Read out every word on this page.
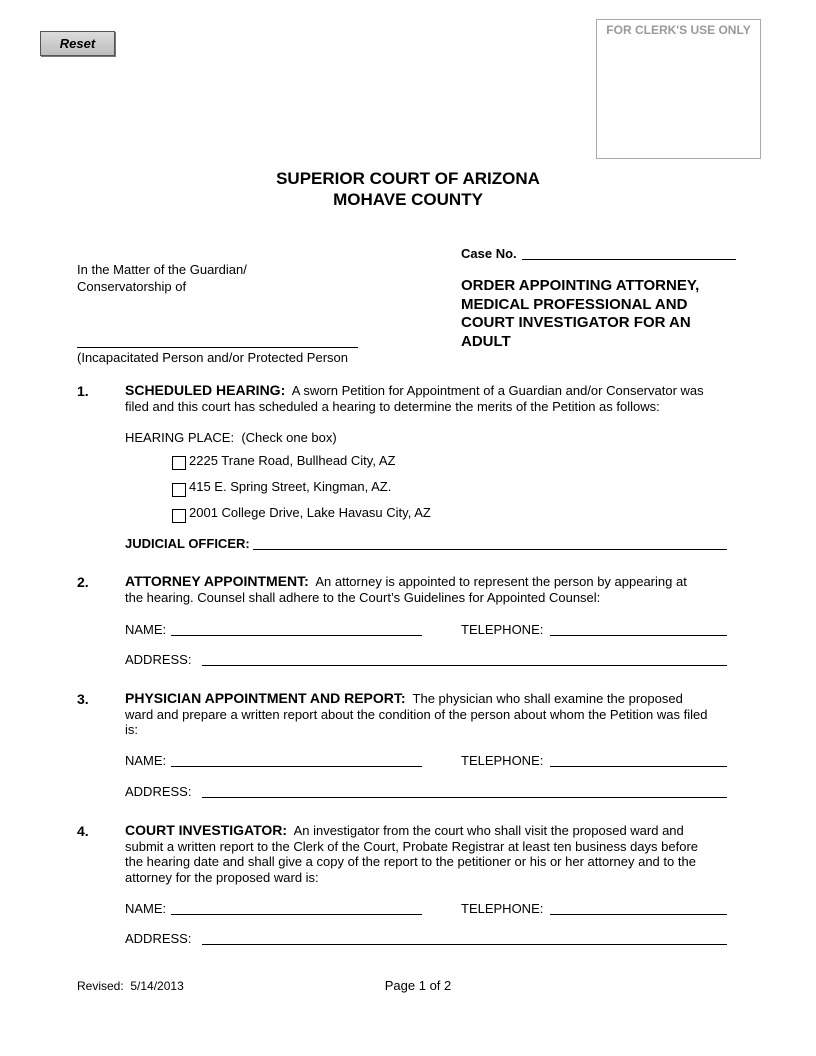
Reset
FOR CLERK'S USE ONLY
SUPERIOR COURT OF ARIZONA
MOHAVE COUNTY
Case No.
In the Matter of the Guardian/
Conservatorship of
(Incapacitated Person and/or Protected Person
ORDER APPOINTING ATTORNEY,
MEDICAL PROFESSIONAL AND
COURT INVESTIGATOR FOR AN
ADULT
1.	SCHEDULED HEARING: A sworn Petition for Appointment of a Guardian and/or Conservator was
filed and this court has scheduled a hearing to determine the merits of the Petition as follows:
HEARING PLACE: (Check one box)
2225 Trane Road, Bullhead City, AZ
415 E. Spring Street, Kingman, AZ.
2001 College Drive, Lake Havasu City, AZ
JUDICIAL OFFICER:
2.	ATTORNEY APPOINTMENT: An attorney is appointed to represent the person by appearing at
the hearing. Counsel shall adhere to the Court’s Guidelines for Appointed Counsel:
NAME:	TELEPHONE:
ADDRESS:
3.	PHYSICIAN APPOINTMENT AND REPORT: The physician who shall examine the proposed
ward and prepare a written report about the condition of the person about whom the Petition was filed
is:
NAME:	TELEPHONE:
ADDRESS:
4.	COURT INVESTIGATOR: An investigator from the court who shall visit the proposed ward and
submit a written report to the Clerk of the Court, Probate Registrar at least ten business days before
the hearing date and shall give a copy of the report to the petitioner or his or her attorney and to the
attorney for the proposed ward is:
NAME:	TELEPHONE:
ADDRESS:
Revised: 5/14/2013	Page 1 of 2
